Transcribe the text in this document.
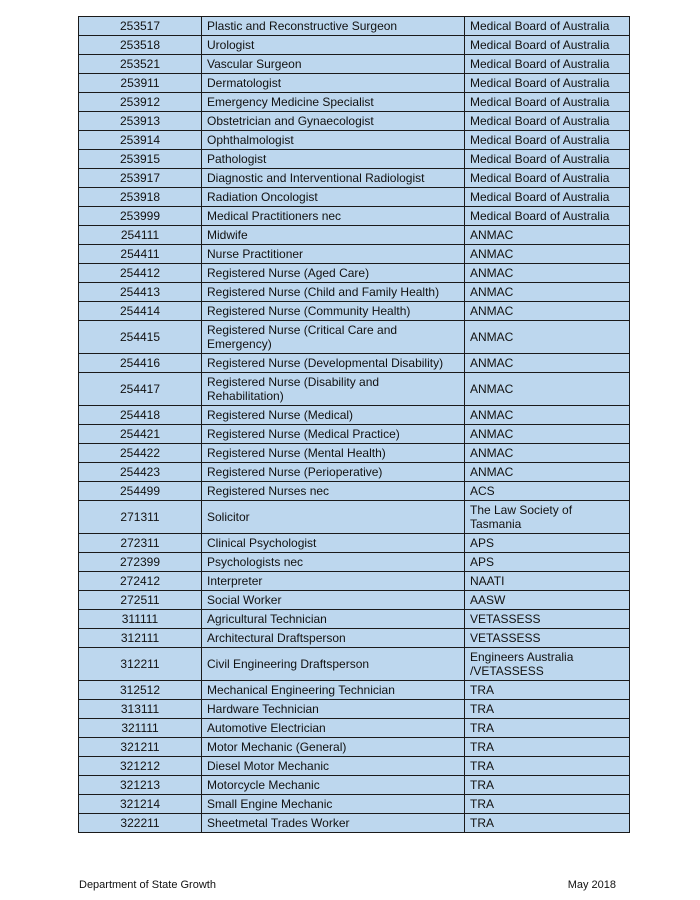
253517	Plastic and Reconstructive Surgeon	Medical Board of Australia
253518	Urologist	Medical Board of Australia
253521	Vascular Surgeon	Medical Board of Australia
253911	Dermatologist	Medical Board of Australia
253912	Emergency Medicine Specialist	Medical Board of Australia
253913	Obstetrician and Gynaecologist	Medical Board of Australia
253914	Ophthalmologist	Medical Board of Australia
253915	Pathologist	Medical Board of Australia
253917	Diagnostic and Interventional Radiologist	Medical Board of Australia
253918	Radiation Oncologist	Medical Board of Australia
253999	Medical Practitioners nec	Medical Board of Australia
254111	Midwife	ANMAC
254411	Nurse Practitioner	ANMAC
254412	Registered Nurse (Aged Care)	ANMAC
254413	Registered Nurse (Child and Family Health)	ANMAC
254414	Registered Nurse (Community Health)	ANMAC
254415	Registered Nurse (Critical Care and Emergency)	ANMAC
254416	Registered Nurse (Developmental Disability)	ANMAC
254417	Registered Nurse (Disability and Rehabilitation)	ANMAC
254418	Registered Nurse (Medical)	ANMAC
254421	Registered Nurse (Medical Practice)	ANMAC
254422	Registered Nurse (Mental Health)	ANMAC
254423	Registered Nurse (Perioperative)	ANMAC
254499	Registered Nurses nec	ACS
271311	Solicitor	The Law Society of Tasmania
272311	Clinical Psychologist	APS
272399	Psychologists nec	APS
272412	Interpreter	NAATI
272511	Social Worker	AASW
311111	Agricultural Technician	VETASSESS
312111	Architectural Draftsperson	VETASSESS
312211	Civil Engineering Draftsperson	Engineers Australia /VETASSESS
312512	Mechanical Engineering Technician	TRA
313111	Hardware Technician	TRA
321111	Automotive Electrician	TRA
321211	Motor Mechanic (General)	TRA
321212	Diesel Motor Mechanic	TRA
321213	Motorcycle Mechanic	TRA
321214	Small Engine Mechanic	TRA
322211	Sheetmetal Trades Worker	TRA
Department of State Growth	May 2018
